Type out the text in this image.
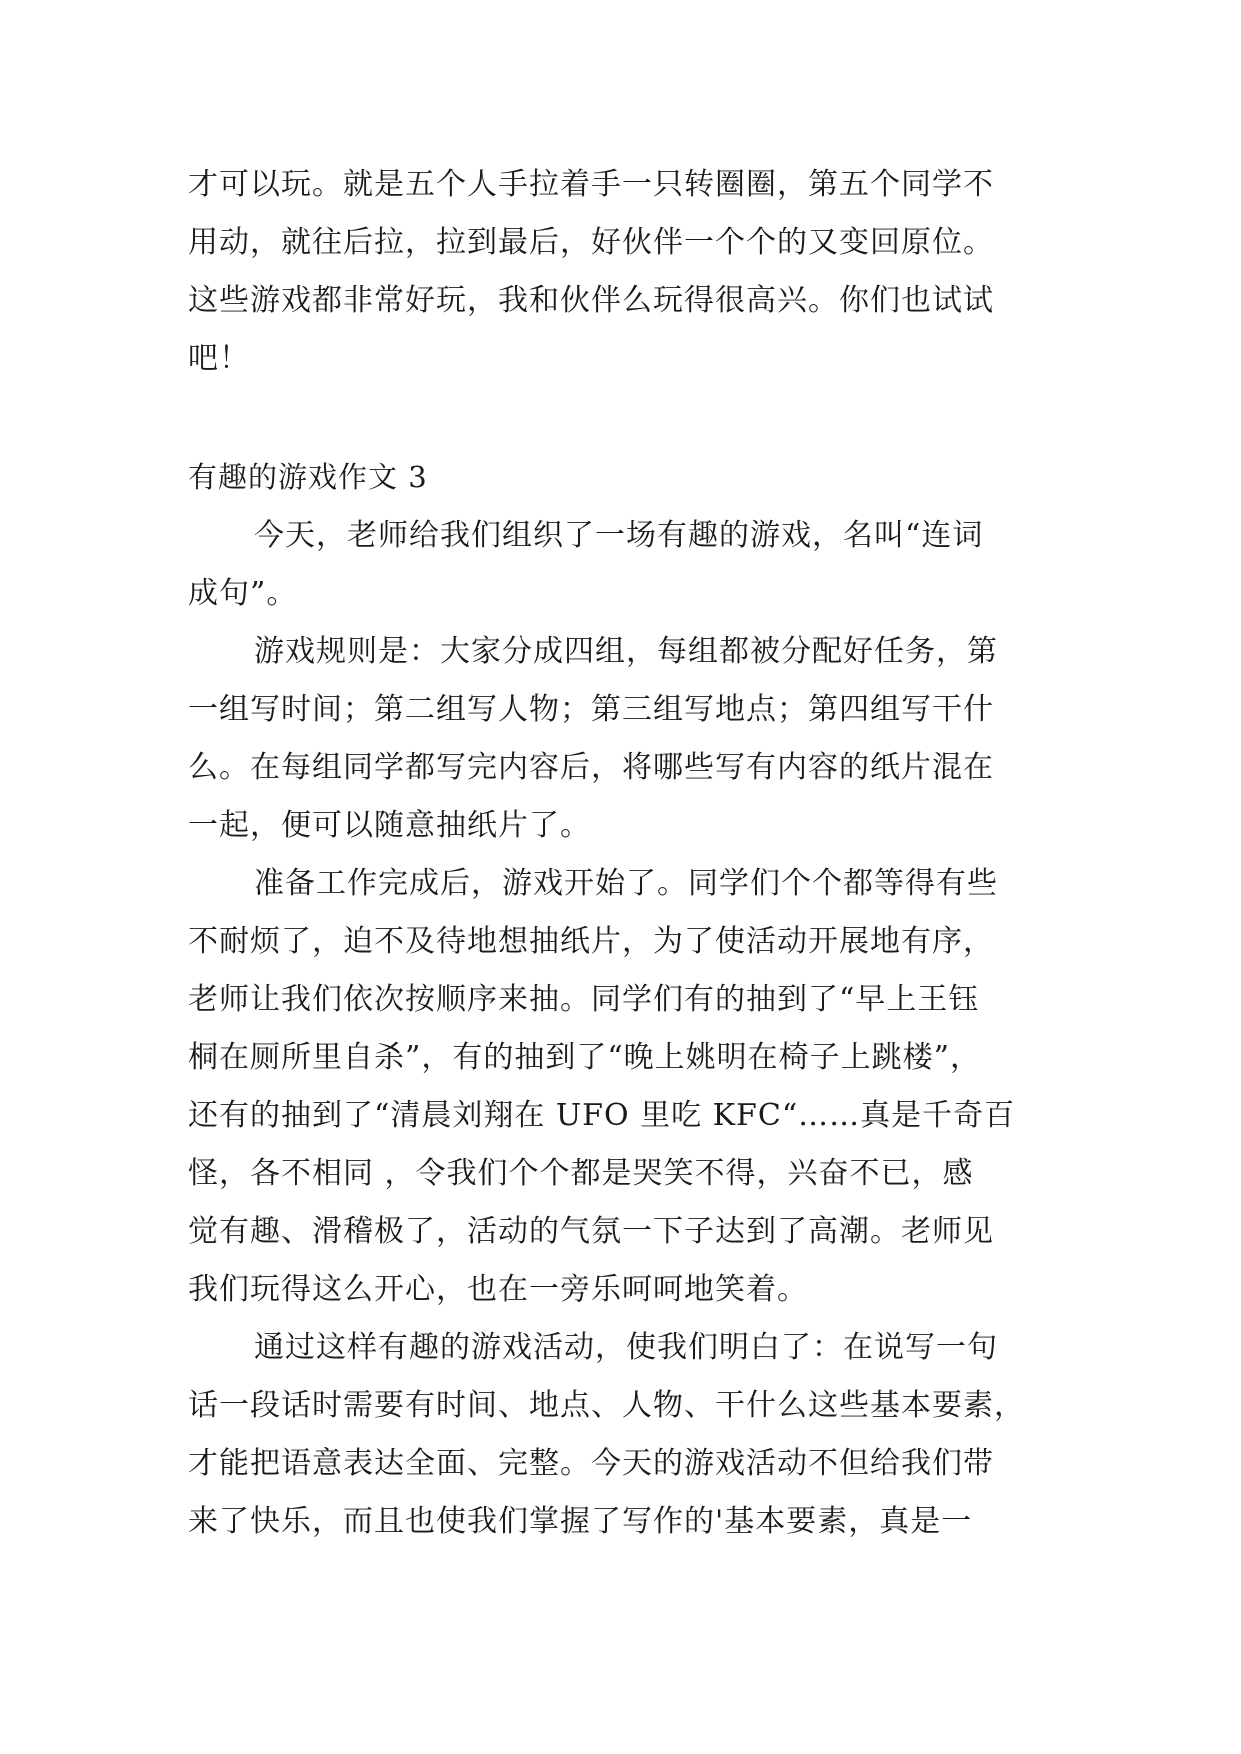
才可以玩。就是五个人手拉着手一只转圈圈，第五个同学不
用动，就往后拉，拉到最后，好伙伴一个个的又变回原位。
这些游戏都非常好玩，我和伙伴么玩得很高兴。你们也试试
吧！
有趣的游戏作文 3
今天，老师给我们组织了一场有趣的游戏，名叫“连词
成句”。
游戏规则是：大家分成四组，每组都被分配好任务，第
一组写时间；第二组写人物；第三组写地点；第四组写干什
么。在每组同学都写完内容后，将哪些写有内容的纸片混在
一起，便可以随意抽纸片了。
准备工作完成后，游戏开始了。同学们个个都等得有些
不耐烦了，迫不及待地想抽纸片，为了使活动开展地有序，
老师让我们依次按顺序来抽。同学们有的抽到了“早上王钰
桐在厕所里自杀”，有的抽到了“晚上姚明在椅子上跳楼”，
还有的抽到了“清晨刘翔在 UFO 里吃 KFC“……真是千奇百
怪，各不相同 ，令我们个个都是哭笑不得，兴奋不已，感
觉有趣、滑稽极了，活动的气氛一下子达到了高潮。老师见
我们玩得这么开心，也在一旁乐呵呵地笑着。
通过这样有趣的游戏活动，使我们明白了：在说写一句
话一段话时需要有时间、地点、人物、干什么这些基本要素，
才能把语意表达全面、完整。今天的游戏活动不但给我们带
来了快乐，而且也使我们掌握了写作的'基本要素，真是一
